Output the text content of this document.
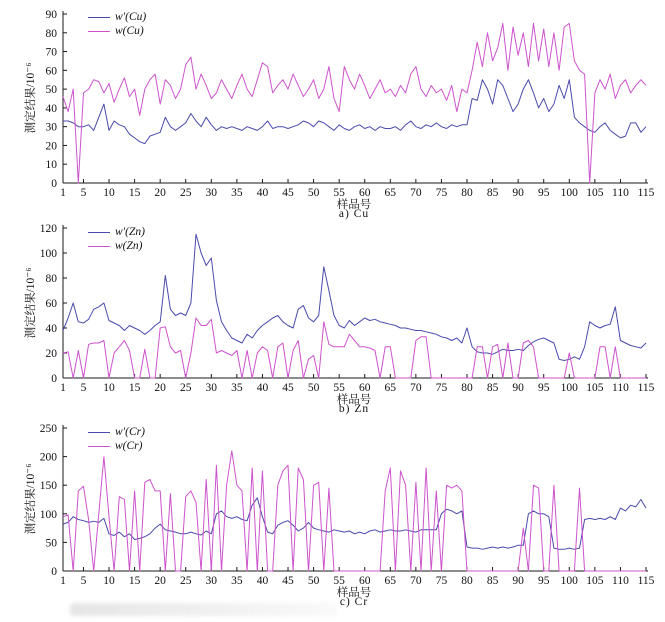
0
10
20
30
40
50
60
70
80
90
1 5 10 15 20 25 30 35 40 45 50 55 60 65 70 75 80 85 90 95 100 105 110 115
0
20
40
60
80
100
120
1 5 10 15 20 25 30 35 40 45 50 55 60 65 70 75 80 85 90 95 100 105 110 115
0
50
100
150
200
250
1 5 10 15 20 25 30 35 40 45 50 55 60 65 70 75 80 85 90 95 100 105 110 115
测定结果/10⁻⁶
测定结果/10⁻⁶
测定结果/10⁻⁶
样品号
样品号
样品号
a) Cu
b) Zn
c) Cr
w′(Cu)
w(Cu)
w′(Zn)
w(Zn)
w′(Cr)
w(Cr)
